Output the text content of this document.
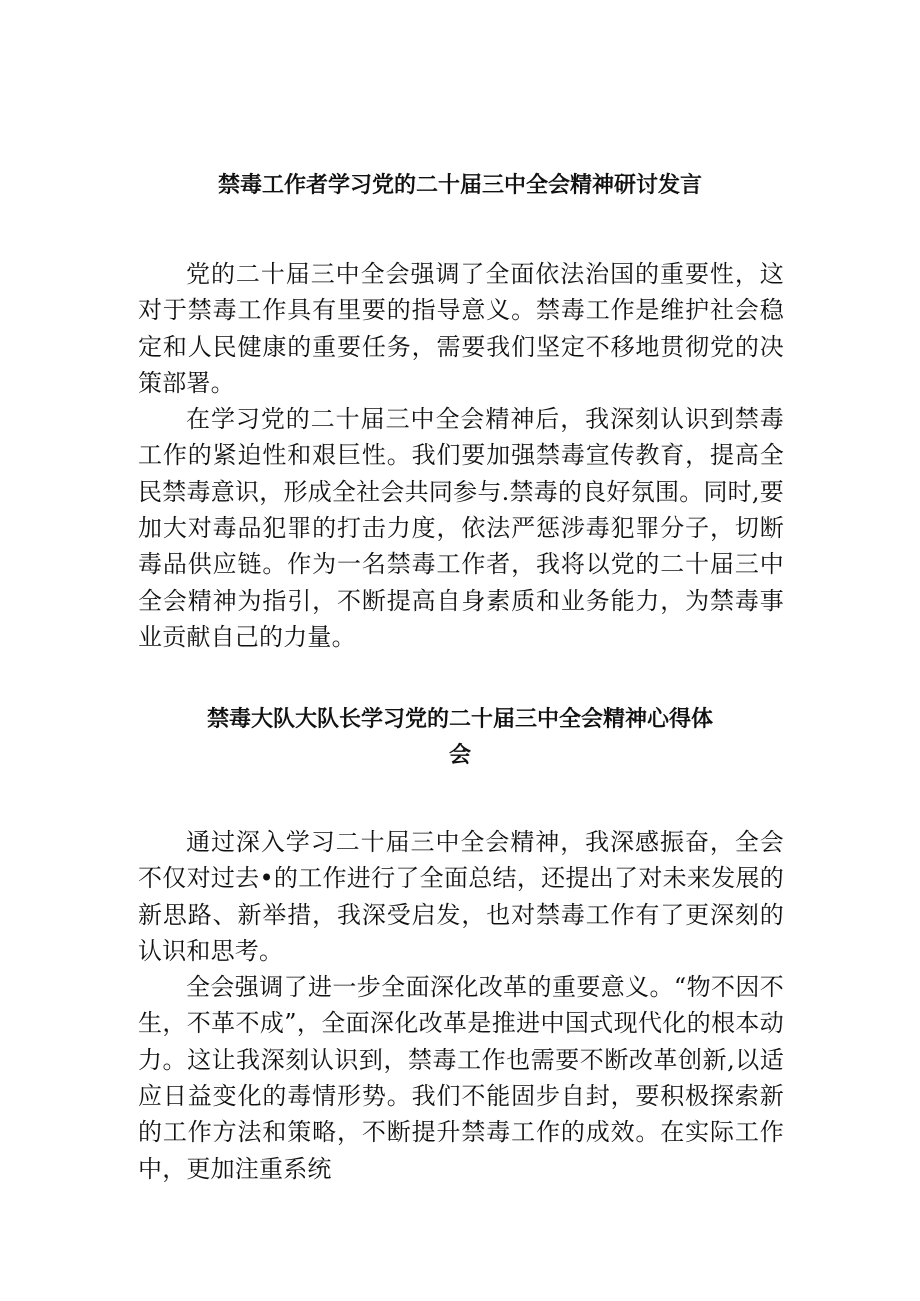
禁毒工作者学习党的二十届三中全会精神研讨发言

党的二十届三中全会强调了全面依法治国的重要性，这对于禁毒工作具有里要的指导意义。禁毒工作是维护社会稳定和人民健康的重要任务，需要我们坚定不移地贯彻党的决策部署。

在学习党的二十届三中全会精神后，我深刻认识到禁毒工作的紧迫性和艰巨性。我们要加强禁毒宣传教育，提高全民禁毒意识，形成全社会共同参与.禁毒的良好氛围。同时,要加大对毒品犯罪的打击力度，依法严惩涉毒犯罪分子，切断毒品供应链。作为一名禁毒工作者，我将以党的二十届三中全会精神为指引，不断提高自身素质和业务能力，为禁毒事业贡献自己的力量。

禁毒大队大队长学习党的二十届三中全会精神心得体
会

通过深入学习二十届三中全会精神，我深感振奋，全会不仅对过去•的工作进行了全面总结，还提出了对未来发展的新思路、新举措，我深受启发，也对禁毒工作有了更深刻的认识和思考。

全会强调了进一步全面深化改革的重要意义。“物不因不生，不革不成”，全面深化改革是推进中国式现代化的根本动力。这让我深刻认识到，禁毒工作也需要不断改革创新,以适应日益变化的毒情形势。我们不能固步自封，要积极探索新的工作方法和策略，不断提升禁毒工作的成效。在实际工作中，更加注重系统
